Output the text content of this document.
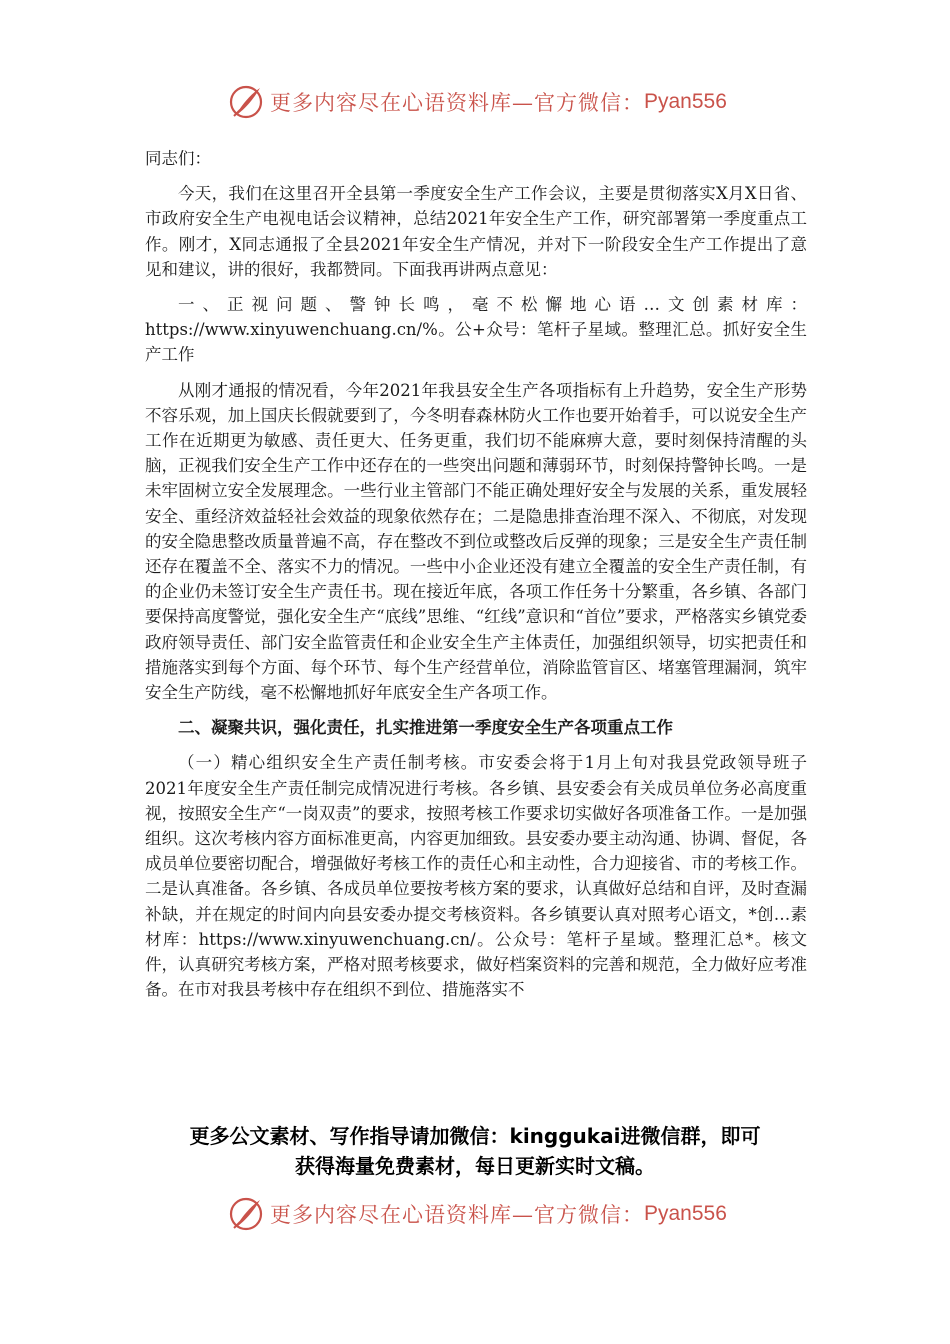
更多内容尽在心语资料库—官方微信： Pyan556

同志们：

今天，我们在这里召开全县第一季度安全生产工作会议，主要是贯彻落实X月X日省、市政府安全生产电视电话会议精神，总结2021年安全生产工作，研究部署第一季度重点工作。刚才，X同志通报了全县2021年安全生产情况，并对下一阶段安全生产工作提出了意见和建议，讲的很好，我都赞同。下面我再讲两点意见：

一、正视问题、警钟长鸣，毫不松懈地心语…文创素材库：https://www.xinyuwenchuang.cn/%。公+众号：笔杆子星域。整理汇总。抓好安全生产工作

从刚才通报的情况看，今年2021年我县安全生产各项指标有上升趋势，安全生产形势不容乐观，加上国庆长假就要到了，今冬明春森林防火工作也要开始着手，可以说安全生产工作在近期更为敏感、责任更大、任务更重，我们切不能麻痹大意，要时刻保持清醒的头脑，正视我们安全生产工作中还存在的一些突出问题和薄弱环节，时刻保持警钟长鸣。一是未牢固树立安全发展理念。一些行业主管部门不能正确处理好安全与发展的关系，重发展轻安全、重经济效益轻社会效益的现象依然存在；二是隐患排查治理不深入、不彻底，对发现的安全隐患整改质量普遍不高，存在整改不到位或整改后反弹的现象；三是安全生产责任制还存在覆盖不全、落实不力的情况。一些中小企业还没有建立全覆盖的安全生产责任制，有的企业仍未签订安全生产责任书。现在接近年底，各项工作任务十分繁重，各乡镇、各部门要保持高度警觉，强化安全生产“底线”思维、“红线”意识和“首位”要求，严格落实乡镇党委政府领导责任、部门安全监管责任和企业安全生产主体责任，加强组织领导，切实把责任和措施落实到每个方面、每个环节、每个生产经营单位，消除监管盲区、堵塞管理漏洞，筑牢安全生产防线，毫不松懈地抓好年底安全生产各项工作。

二、凝聚共识，强化责任，扎实推进第一季度安全生产各项重点工作

（一）精心组织安全生产责任制考核。市安委会将于1月上旬对我县党政领导班子2021年度安全生产责任制完成情况进行考核。各乡镇、县安委会有关成员单位务必高度重视，按照安全生产“一岗双责”的要求，按照考核工作要求切实做好各项准备工作。一是加强组织。这次考核内容方面标准更高，内容更加细致。县安委办要主动沟通、协调、督促，各成员单位要密切配合，增强做好考核工作的责任心和主动性，合力迎接省、市的考核工作。二是认真准备。各乡镇、各成员单位要按考核方案的要求，认真做好总结和自评，及时查漏补缺，并在规定的时间内向县安委办提交考核资料。各乡镇要认真对照考心语文，*创…素材库：https://www.xinyuwenchuang.cn/。公众号：笔杆子星域。整理汇总*。核文件，认真研究考核方案，严格对照考核要求，做好档案资料的完善和规范，全力做好应考准备。在市对我县考核中存在组织不到位、措施落实不

更多公文素材、写作指导请加微信：kinggukai进微信群，即可
获得海量免费素材，每日更新实时文稿。
更多内容尽在心语资料库—官方微信： Pyan556
